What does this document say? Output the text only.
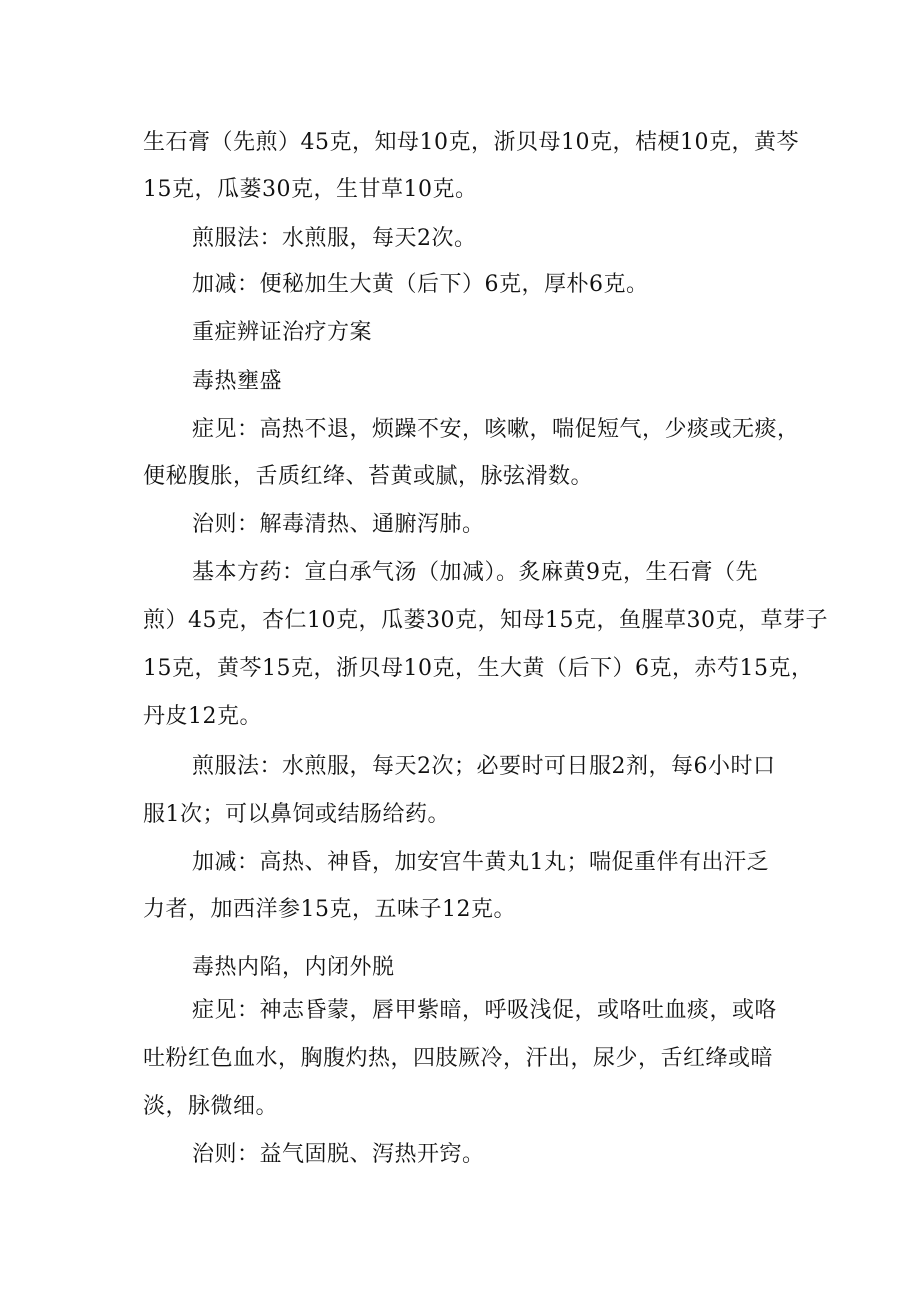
生石膏（先煎）45克，知母10克，浙贝母10克，桔梗10克，黄芩
15克，瓜蒌30克，生甘草10克。
煎服法：水煎服，每天2次。
加减：便秘加生大黄（后下）6克，厚朴6克。
重症辨证治疗方案
毒热壅盛
症见：高热不退，烦躁不安，咳嗽，喘促短气，少痰或无痰，
便秘腹胀，舌质红绛、苔黄或腻，脉弦滑数。
治则：解毒清热、通腑泻肺。
基本方药：宣白承气汤（加减）。炙麻黄9克，生石膏（先
煎）45克，杏仁10克，瓜蒌30克，知母15克，鱼腥草30克，草芽子
15克，黄芩15克，浙贝母10克，生大黄（后下）6克，赤芍15克，
丹皮12克。
煎服法：水煎服，每天2次；必要时可日服2剂，每6小时口
服1次；可以鼻饲或结肠给药。
加减：高热、神昏，加安宫牛黄丸1丸；喘促重伴有出汗乏
力者，加西洋参15克，五味子12克。
毒热内陷，内闭外脱
症见：神志昏蒙，唇甲紫暗，呼吸浅促，或咯吐血痰，或咯
吐粉红色血水，胸腹灼热，四肢厥冷，汗出，尿少，舌红绛或暗
淡，脉微细。
治则：益气固脱、泻热开窍。
